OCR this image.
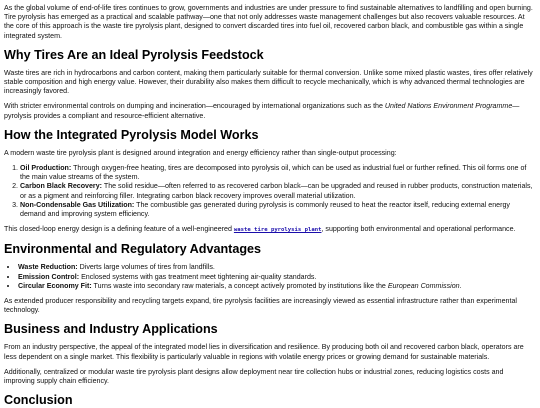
As the global volume of end-of-life tires continues to grow, governments and industries are under pressure to find sustainable alternatives to landfilling and open burning. Tire pyrolysis has emerged as a practical and scalable pathway—one that not only addresses waste management challenges but also recovers valuable resources. At the core of this approach is the waste tire pyrolysis plant, designed to convert discarded tires into fuel oil, recovered carbon black, and combustible gas within a single integrated system.

Why Tires Are an Ideal Pyrolysis Feedstock

Waste tires are rich in hydrocarbons and carbon content, making them particularly suitable for thermal conversion. Unlike some mixed plastic wastes, tires offer relatively stable composition and high energy value. However, their durability also makes them difficult to recycle mechanically, which is why advanced thermal technologies are increasingly favored.

With stricter environmental controls on dumping and incineration—encouraged by international organizations such as the United Nations Environment Programme—pyrolysis provides a compliant and resource-efficient alternative.

How the Integrated Pyrolysis Model Works

A modern waste tire pyrolysis plant is designed around integration and energy efficiency rather than single-output processing:

1. Oil Production: Through oxygen-free heating, tires are decomposed into pyrolysis oil, which can be used as industrial fuel or further refined. This oil forms one of the main value streams of the system.
2. Carbon Black Recovery: The solid residue—often referred to as recovered carbon black—can be upgraded and reused in rubber products, construction materials, or as a pigment and reinforcing filler. Integrating carbon black recovery improves overall material utilization.
3. Non-Condensable Gas Utilization: The combustible gas generated during pyrolysis is commonly reused to heat the reactor itself, reducing external energy demand and improving system efficiency.

This closed-loop energy design is a defining feature of a well-engineered waste tire pyrolysis plant, supporting both environmental and operational performance.

Environmental and Regulatory Advantages
• Waste Reduction: Diverts large volumes of tires from landfills.
• Emission Control: Enclosed systems with gas treatment meet tightening air-quality standards.
• Circular Economy Fit: Turns waste into secondary raw materials, a concept actively promoted by institutions like the European Commission.

As extended producer responsibility and recycling targets expand, tire pyrolysis facilities are increasingly viewed as essential infrastructure rather than experimental technology.

Business and Industry Applications

From an industry perspective, the appeal of the integrated model lies in diversification and resilience. By producing both oil and recovered carbon black, operators are less dependent on a single market. This flexibility is particularly valuable in regions with volatile energy prices or growing demand for sustainable materials.

Additionally, centralized or modular waste tire pyrolysis plant designs allow deployment near tire collection hubs or industrial zones, reducing logistics costs and improving supply chain efficiency.

Conclusion
